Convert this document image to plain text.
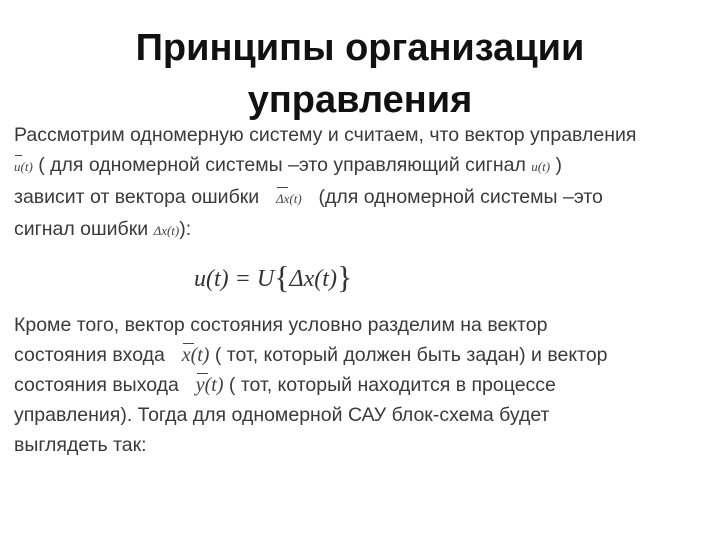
Принципы организации
управления
Рассмотрим одномерную систему и считаем, что вектор управления
u(t) ( для одномерной системы –это управляющий сигнал u(t) )
зависит от вектора ошибки Δx(t) (для одномерной системы –это
сигнал ошибки Δx(t)):
u(t) = U{Δx(t)}
Кроме того, вектор состояния условно разделим на вектор
состояния входа x(t) ( тот, который должен быть задан) и вектор
состояния выхода y(t) ( тот, который находится в процессе
управления). Тогда для одномерной САУ блок-схема будет
выглядеть так:
